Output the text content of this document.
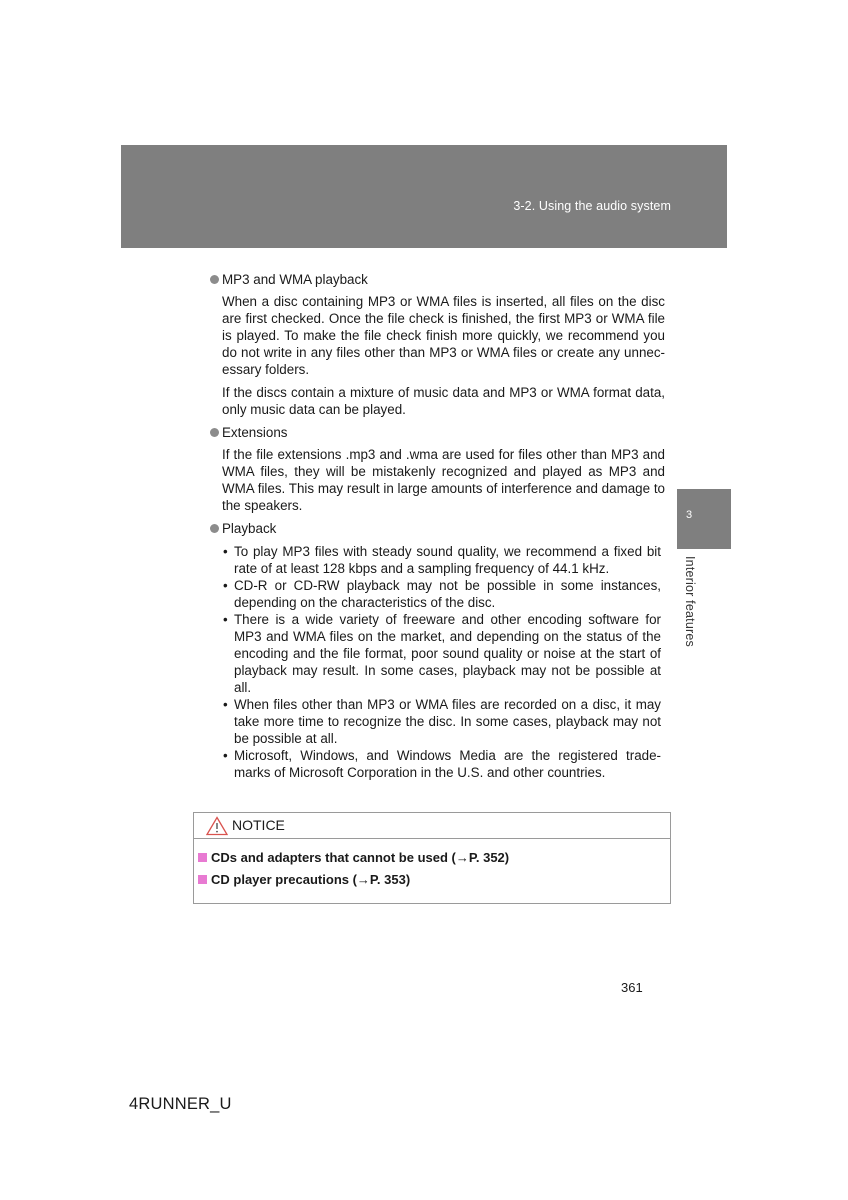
3-2. Using the audio system
3
Interior features
MP3 and WMA playback

When a disc containing MP3 or WMA files is inserted, all files on the disc are first checked. Once the file check is finished, the first MP3 or WMA file is played. To make the file check finish more quickly, we recommend you do not write in any files other than MP3 or WMA files or create any unnec- essary folders.

If the discs contain a mixture of music data and MP3 or WMA format data, only music data can be played.

Extensions

If the file extensions .mp3 and .wma are used for files other than MP3 and WMA files, they will be mistakenly recognized and played as MP3 and WMA files. This may result in large amounts of interference and damage to the speakers.

Playback
• To play MP3 files with steady sound quality, we recommend a fixed bit rate of at least 128 kbps and a sampling frequency of 44.1 kHz.
• CD-R or CD-RW playback may not be possible in some instances, depending on the characteristics of the disc.
• There is a wide variety of freeware and other encoding software for MP3 and WMA files on the market, and depending on the status of the encoding and the file format, poor sound quality or noise at the start of playback may result. In some cases, playback may not be possible at all.
• When files other than MP3 or WMA files are recorded on a disc, it may take more time to recognize the disc. In some cases, playback may not be possible at all.
• Microsoft, Windows, and Windows Media are the registered trade- marks of Microsoft Corporation in the U.S. and other countries.
NOTICE
CDs and adapters that cannot be used (→P. 352)
CD player precautions (→P. 353)
361
4RUNNER_U
